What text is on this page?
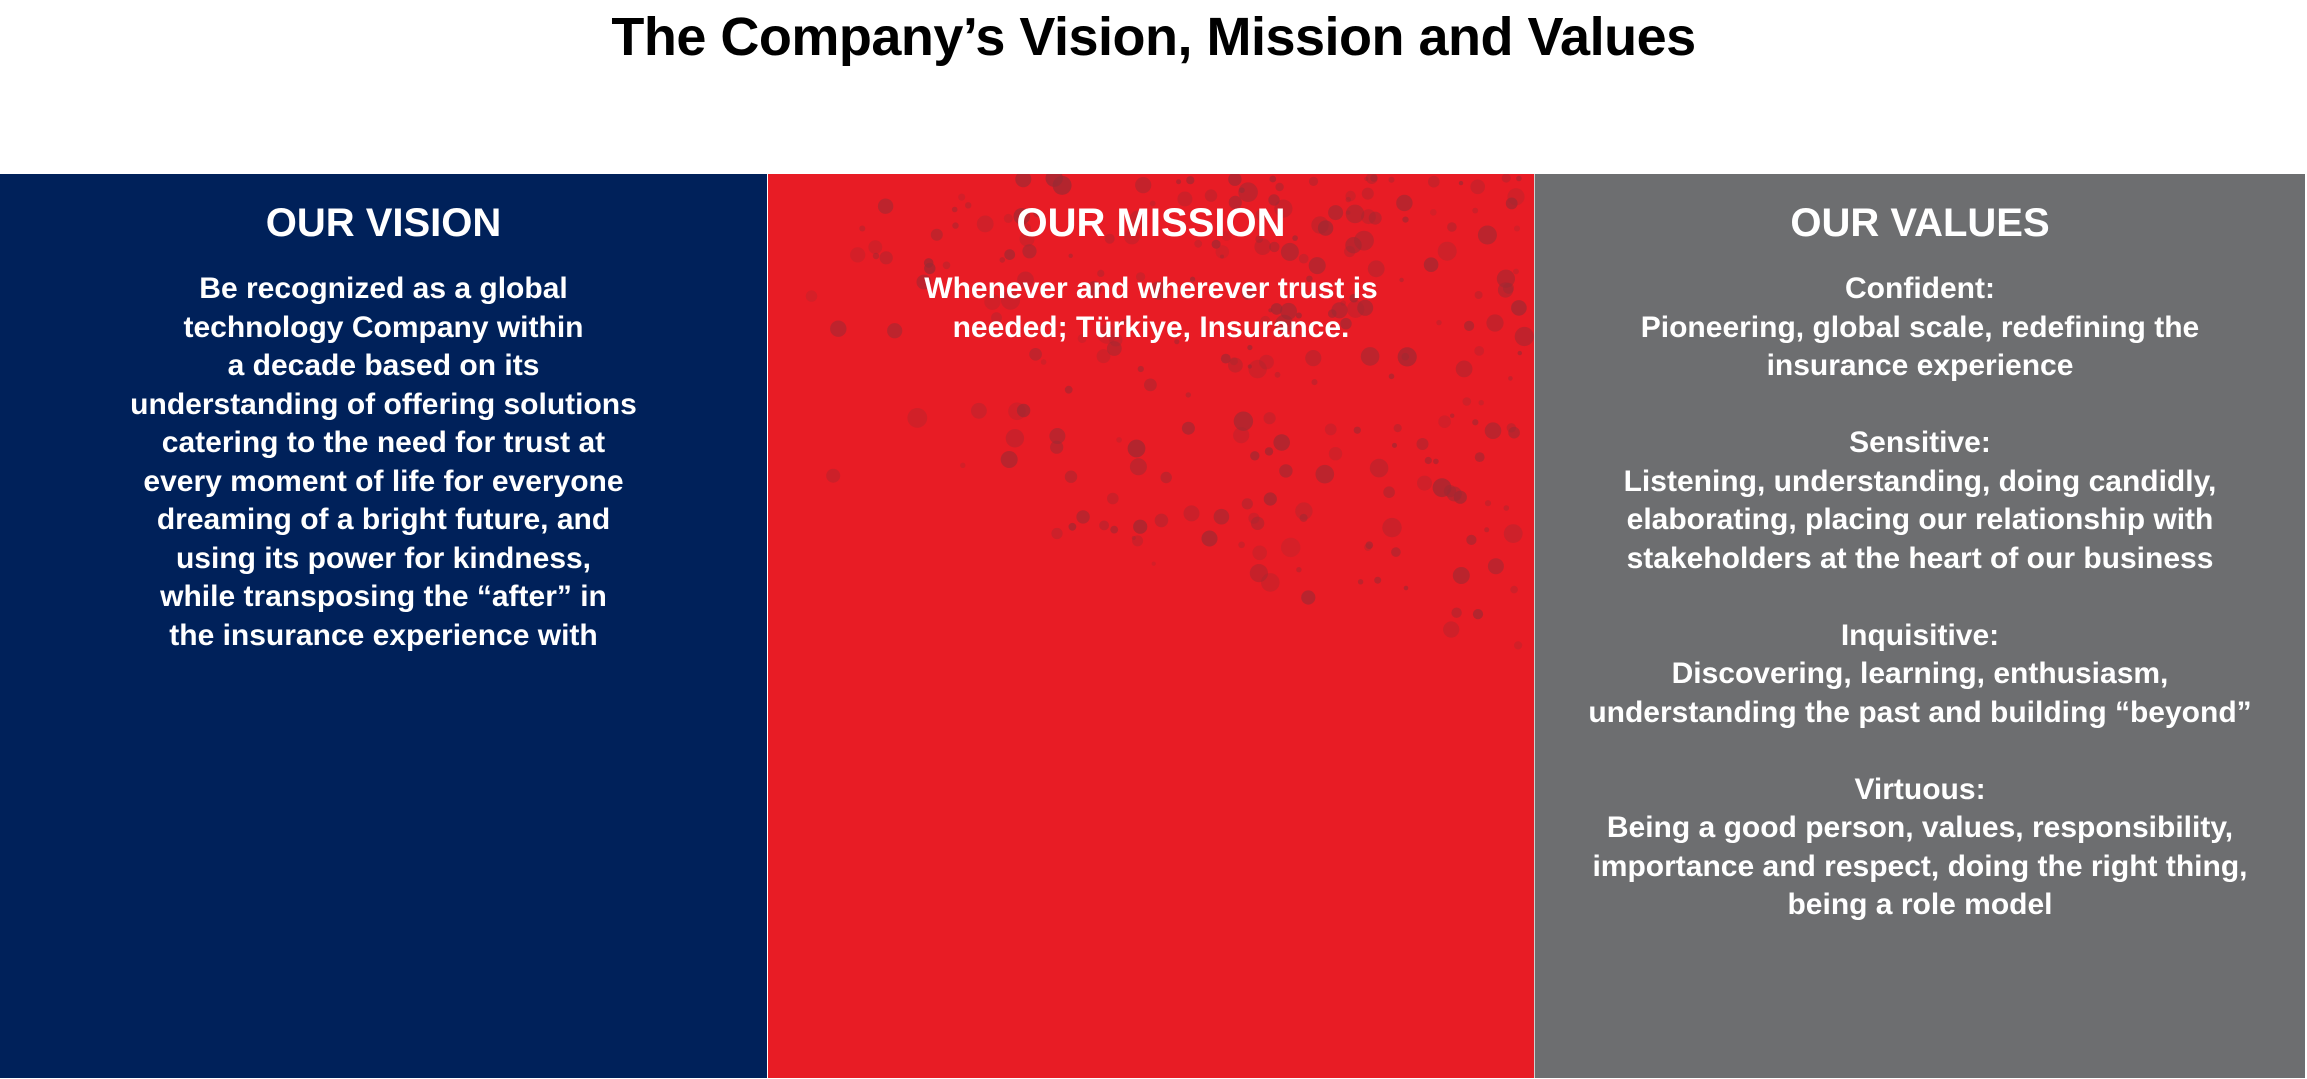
The Company’s Vision, Mission and Values
OUR VISION
Be recognized as a global
technology Company within
a decade based on its
understanding of offering solutions
catering to the need for trust at
every moment of life for everyone
dreaming of a bright future, and
using its power for kindness,
while transposing the “after” in
the insurance experience with
OUR MISSION
Whenever and wherever trust is
needed; Türkiye, Insurance.
OUR VALUES
Confident:
Pioneering, global scale, redefining the
insurance experience
Sensitive:
Listening, understanding, doing candidly,
elaborating, placing our relationship with
stakeholders at the heart of our business
Inquisitive:
Discovering, learning, enthusiasm,
understanding the past and building “beyond”
Virtuous:
Being a good person, values, responsibility,
importance and respect, doing the right thing,
being a role model
